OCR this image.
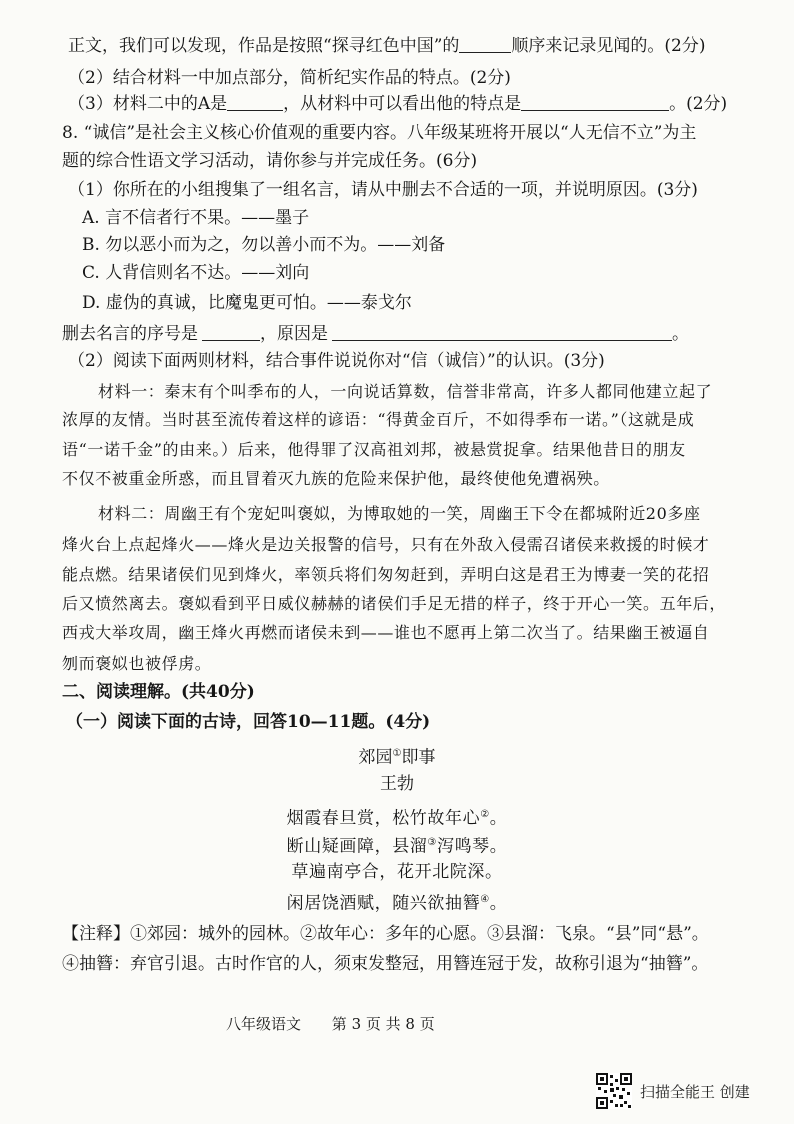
正文，我们可以发现，作品是按照“探寻红色中国”的	顺序来记录见闻的。(2分)
（2）结合材料一中加点部分，简析纪实作品的特点。(2分)
（3）材料二中的A是	，从材料中可以看出他的特点是	。(2分)
8. “诚信”是社会主义核心价值观的重要内容。八年级某班将开展以“人无信不立”为主
题的综合性语文学习活动，请你参与并完成任务。(6分)
（1）你所在的小组搜集了一组名言，请从中删去不合适的一项，并说明原因。(3分)
A. 言不信者行不果。——墨子
B. 勿以恶小而为之，勿以善小而不为。——刘备
C. 人背信则名不达。——刘向
D. 虚伪的真诚，比魔鬼更可怕。——泰戈尔
删去名言的序号是	，原因是	。
（2）阅读下面两则材料，结合事件说说你对“信（诚信）”的认识。(3分)
材料一：秦末有个叫季布的人，一向说话算数，信誉非常高，许多人都同他建立起了
浓厚的友情。当时甚至流传着这样的谚语：“得黄金百斤，不如得季布一诺。”（这就是成
语“一诺千金”的由来。）后来，他得罪了汉高祖刘邦，被悬赏捉拿。结果他昔日的朋友
不仅不被重金所惑，而且冒着灭九族的危险来保护他，最终使他免遭祸殃。
材料二：周幽王有个宠妃叫褒姒，为博取她的一笑，周幽王下令在都城附近20多座
烽火台上点起烽火——烽火是边关报警的信号，只有在外敌入侵需召诸侯来救援的时候才
能点燃。结果诸侯们见到烽火，率领兵将们匆匆赶到，弄明白这是君王为博妻一笑的花招
后又愤然离去。褒姒看到平日威仪赫赫的诸侯们手足无措的样子，终于开心一笑。五年后，
西戎大举攻周，幽王烽火再燃而诸侯未到——谁也不愿再上第二次当了。结果幽王被逼自
刎而褒姒也被俘虏。
二、阅读理解。(共40分)
（一）阅读下面的古诗，回答10—11题。(4分)
郊园①即事
王勃
烟霞春旦赏，松竹故年心②。
断山疑画障，县溜③泻鸣琴。
草遍南亭合，花开北院深。
闲居饶酒赋，随兴欲抽簪④。
【注释】①郊园：城外的园林。②故年心：多年的心愿。③县溜：飞泉。“县”同“悬”。
④抽簪：弃官引退。古时作官的人，须束发整冠，用簪连冠于发，故称引退为“抽簪”。
八年级语文 第 3 页 共 8 页
扫描全能王 创建
